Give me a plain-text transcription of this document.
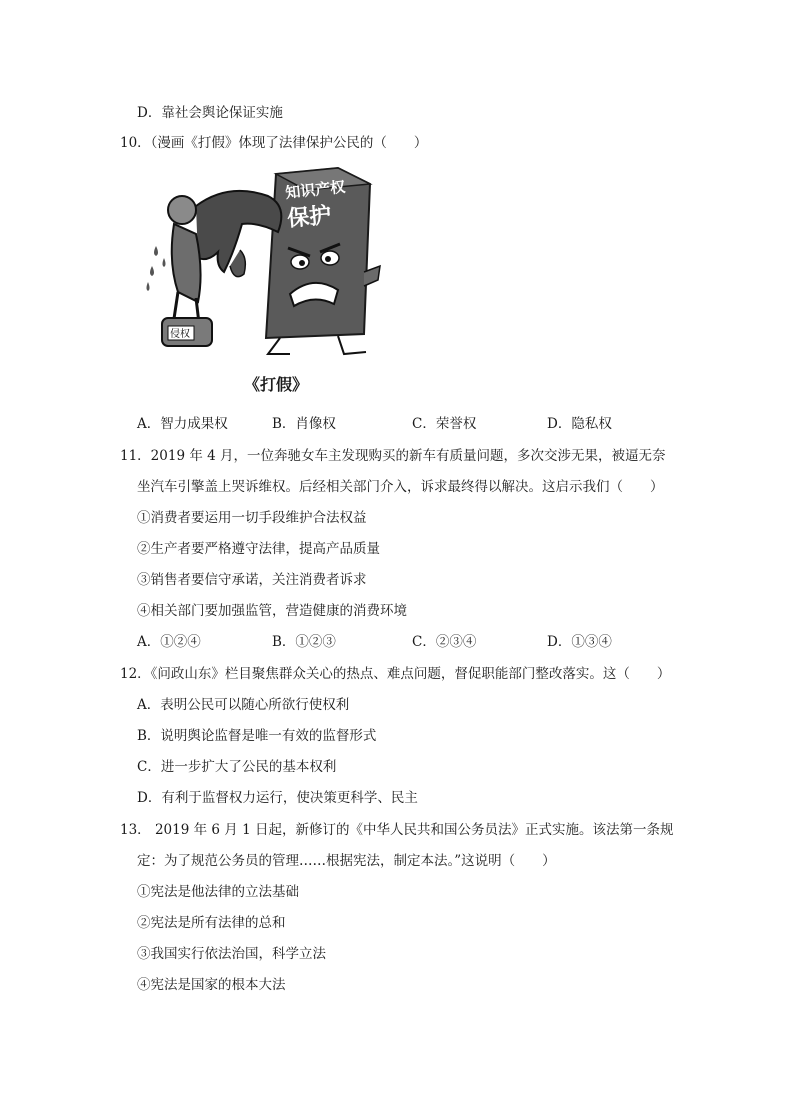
D．靠社会舆论保证实施
10．（漫画《打假》体现了法律保护公民的（　　）
知识产权
保护
侵权
《打假》
A．智力成果权	B．肖像权	C．荣誉权	D．隐私权
11．2019 年 4 月，一位奔驰女车主发现购买的新车有质量问题，多次交涉无果，被逼无奈
坐汽车引擎盖上哭诉维权。后经相关部门介入，诉求最终得以解决。这启示我们（　　）
①消费者要运用一切手段维护合法权益
②生产者要严格遵守法律，提高产品质量
③销售者要信守承诺，关注消费者诉求
④相关部门要加强监管，营造健康的消费环境
A．①②④	B．①②③	C．②③④	D．①③④
12．《问政山东》栏目聚焦群众关心的热点、难点问题，督促职能部门整改落实。这（　　）
A．表明公民可以随心所欲行使权利
B．说明舆论监督是唯一有效的监督形式
C．进一步扩大了公民的基本权利
D．有利于监督权力运行，使决策更科学、民主
13． 2019 年 6 月 1 日起，新修订的《中华人民共和国公务员法》正式实施。该法第一条规
定：为了规范公务员的管理……根据宪法，制定本法。”这说明（　　）
①宪法是他法律的立法基础
②宪法是所有法律的总和
③我国实行依法治国，科学立法
④宪法是国家的根本大法
